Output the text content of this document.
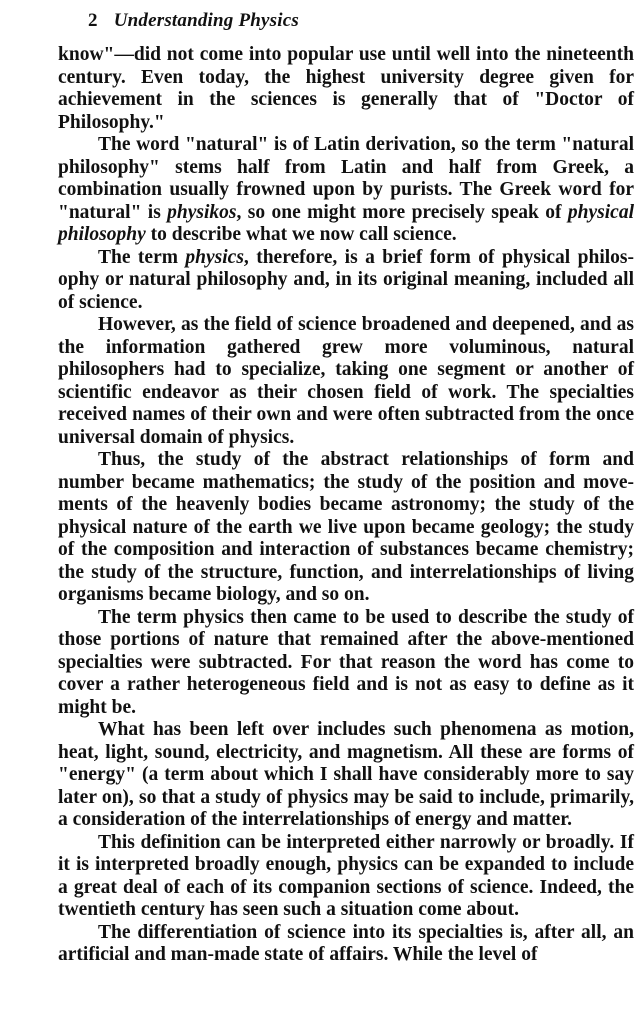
2 Understanding Physics

know"—did not come into popular use until well into the nineteenth century. Even today, the highest university degree given for achievement in the sciences is generally that of "Doctor of Philosophy."

The word "natural" is of Latin derivation, so the term "natural philosophy" stems half from Latin and half from Greek, a combination usually frowned upon by purists. The Greek word for "natural" is physikos, so one might more precisely speak of physical philosophy to describe what we now call science.

The term physics, therefore, is a brief form of physical philosophy or natural philosophy and, in its original meaning, included all of science.

However, as the field of science broadened and deepened, and as the information gathered grew more voluminous, natural philosophers had to specialize, taking one segment or another of scientific endeavor as their chosen field of work. The specialties received names of their own and were often subtracted from the once universal domain of physics.

Thus, the study of the abstract relationships of form and number became mathematics; the study of the position and movements of the heavenly bodies became astronomy; the study of the physical nature of the earth we live upon became geology; the study of the composition and interaction of substances became chemistry; the study of the structure, function, and interrelationships of living organisms became biology, and so on.

The term physics then came to be used to describe the study of those portions of nature that remained after the above-mentioned specialties were subtracted. For that reason the word has come to cover a rather heterogeneous field and is not as easy to define as it might be.

What has been left over includes such phenomena as motion, heat, light, sound, electricity, and magnetism. All these are forms of "energy" (a term about which I shall have considerably more to say later on), so that a study of physics may be said to include, primarily, a consideration of the interrelationships of energy and matter.

This definition can be interpreted either narrowly or broadly. If it is interpreted broadly enough, physics can be expanded to include a great deal of each of its companion sections of science. Indeed, the twentieth century has seen such a situation come about.

The differentiation of science into its specialties is, after all, an artificial and man-made state of affairs. While the level of
